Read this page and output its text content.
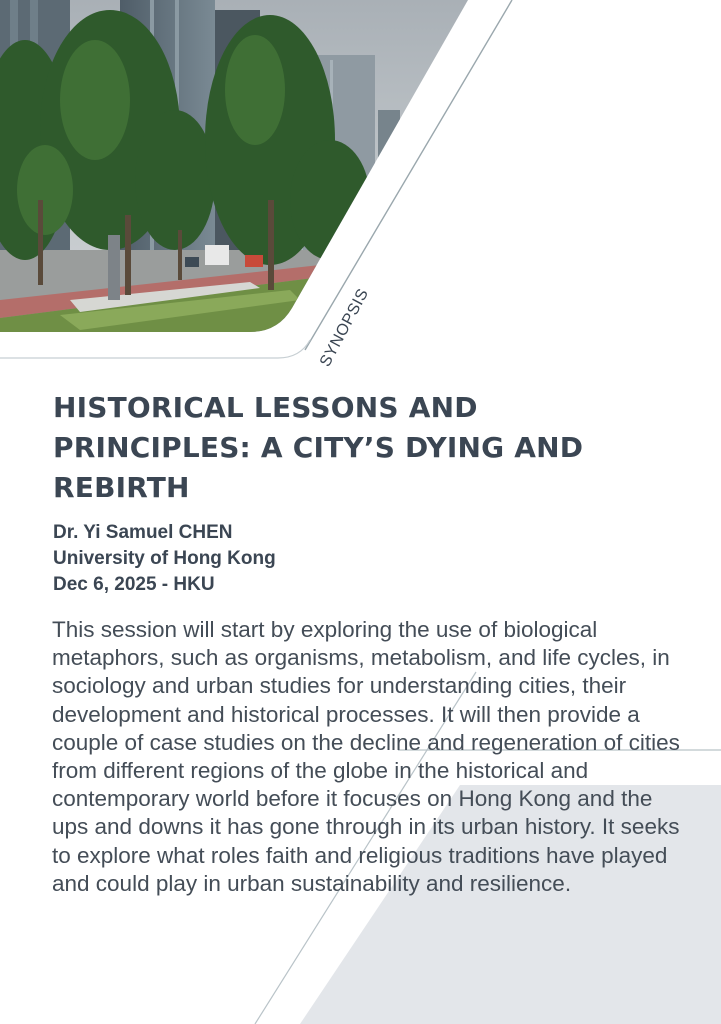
SYNOPSIS
HISTORICAL LESSONS AND PRINCIPLES: A CITY’S DYING AND REBIRTH
Dr. Yi Samuel CHEN
University of Hong Kong
Dec 6, 2025 - HKU

This session will start by exploring the use of biological metaphors, such as organisms, metabolism, and life cycles, in sociology and urban studies for understanding cities, their development and historical processes. It will then provide a couple of case studies on the decline and regeneration of cities from different regions of the globe in the historical and contemporary world before it focuses on Hong Kong and the ups and downs it has gone through in its urban history. It seeks to explore what roles faith and religious traditions have played and could play in urban sustainability and resilience.
